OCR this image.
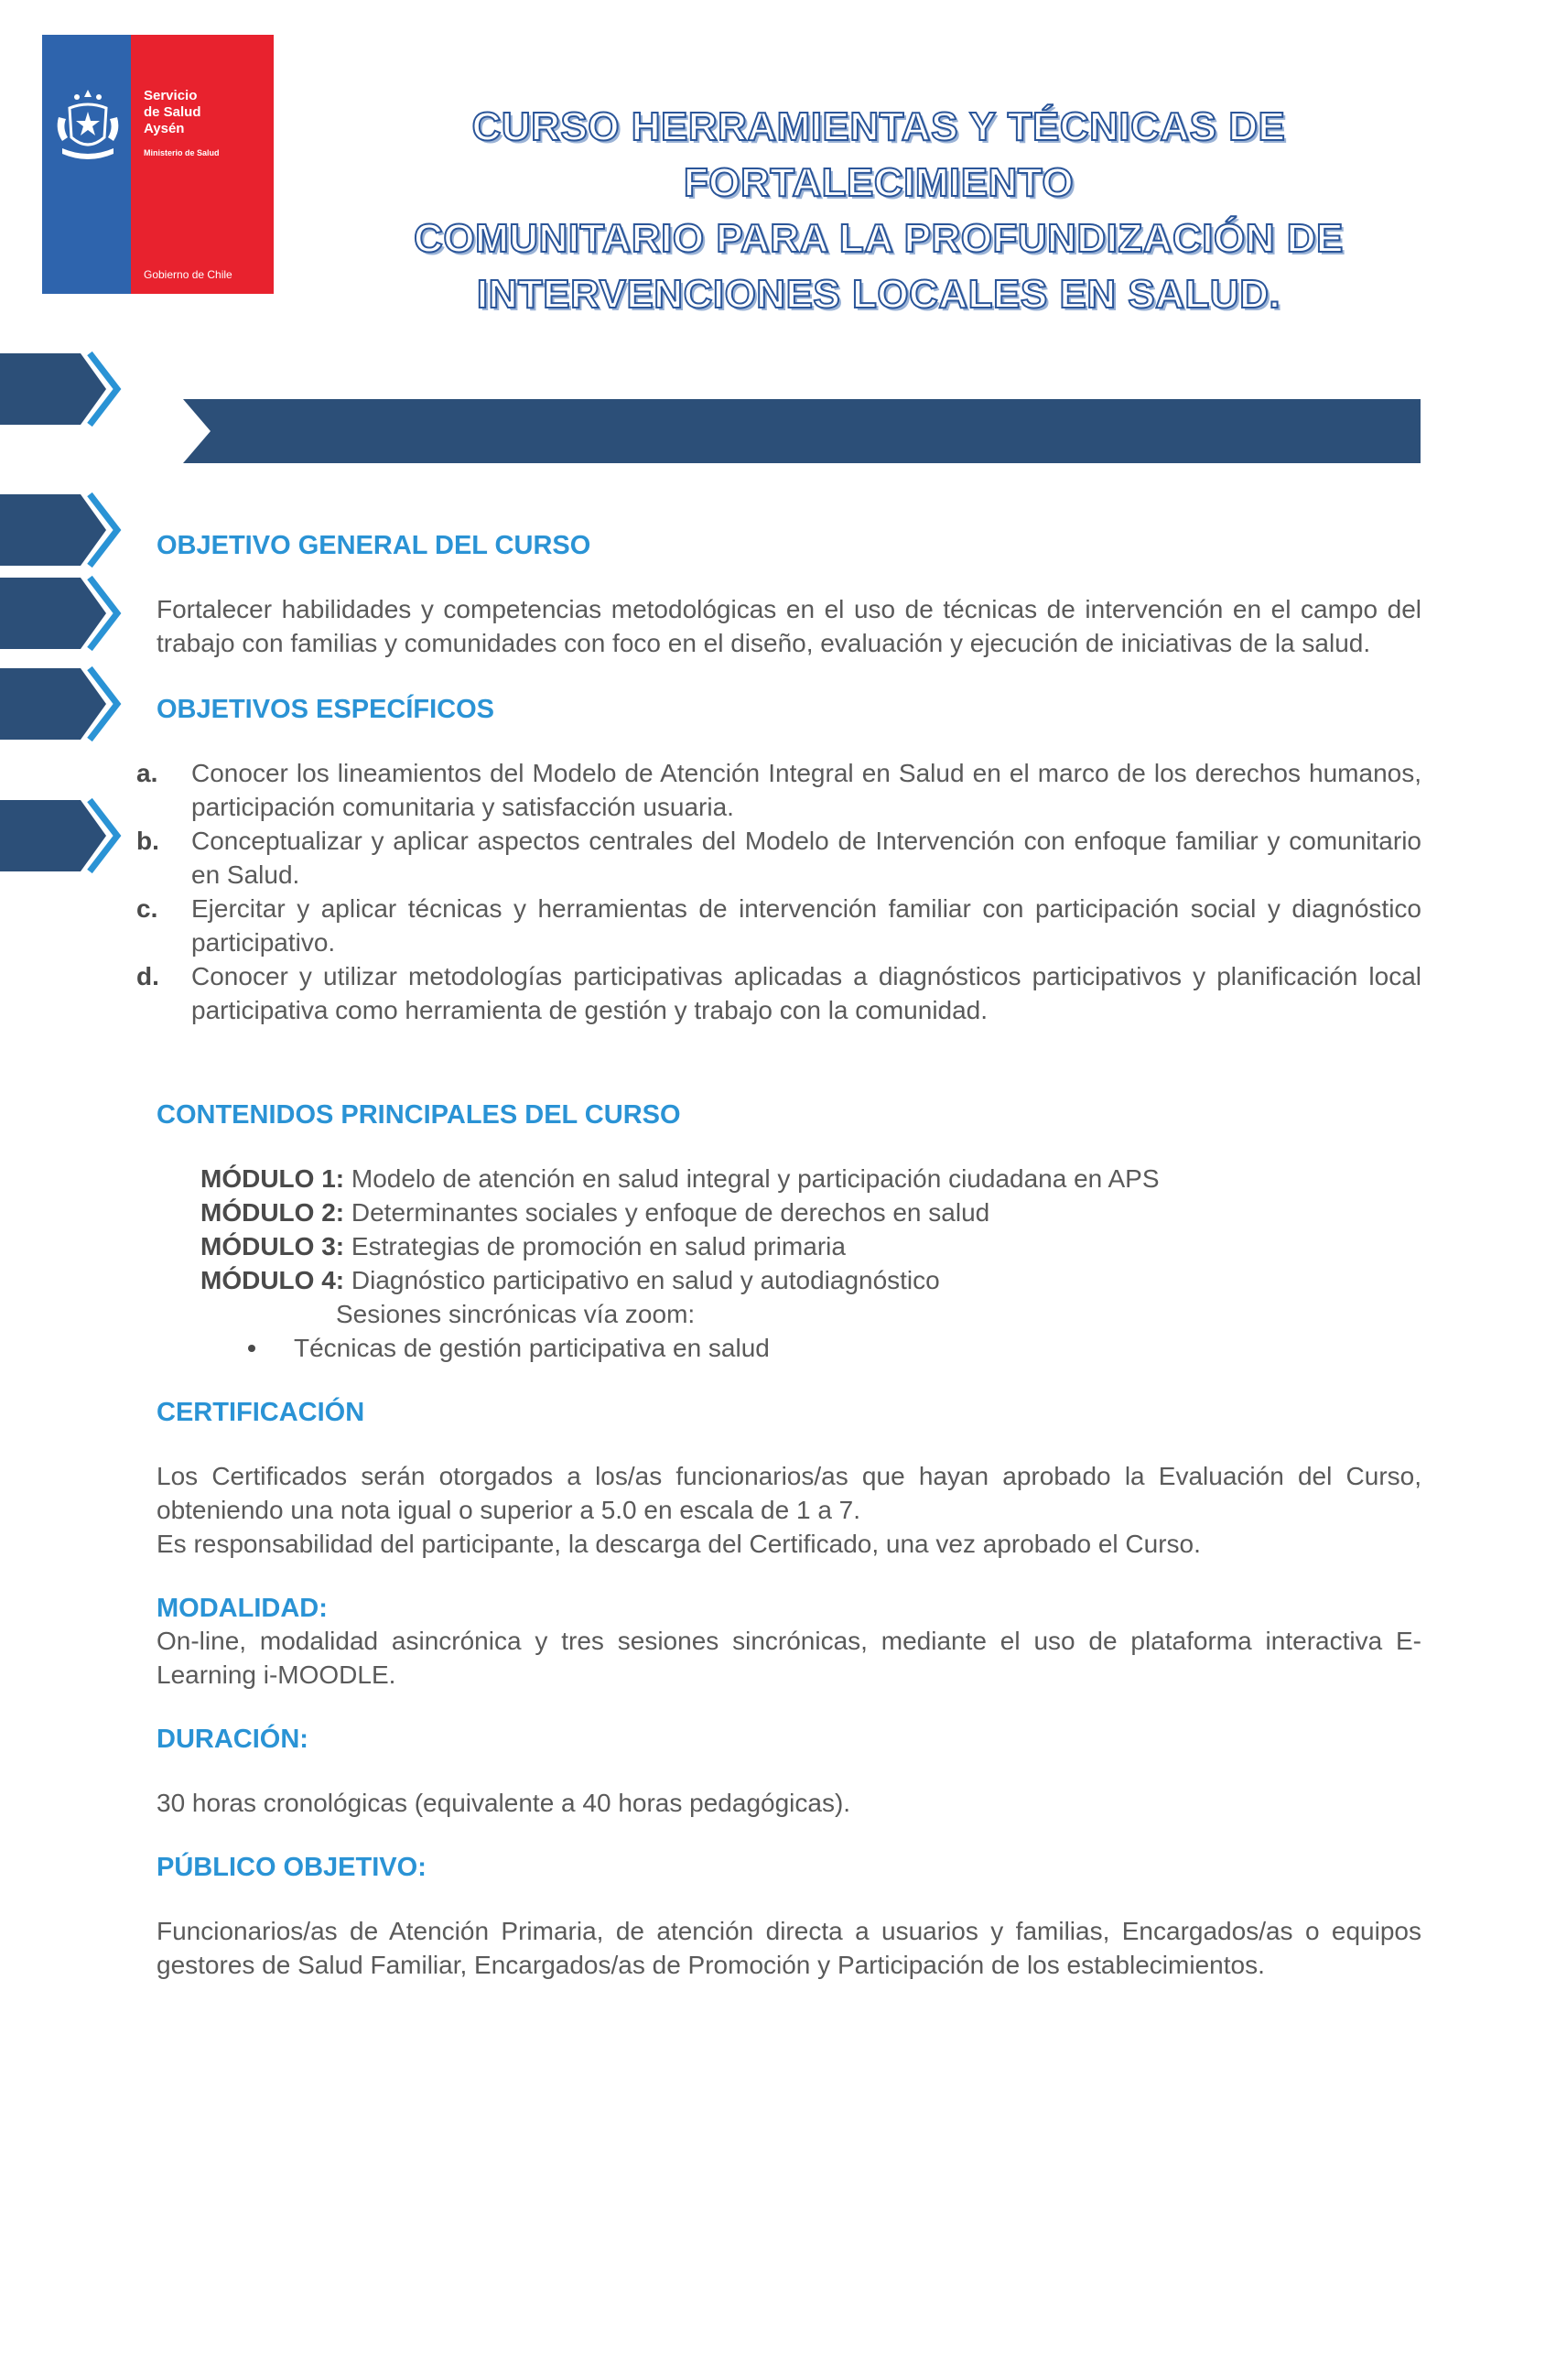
Servicio
de Salud
Aysén
Ministerio de Salud
Gobierno de Chile
CURSO HERRAMIENTAS Y TÉCNICAS DE FORTALECIMIENTO
COMUNITARIO PARA LA PROFUNDIZACIÓN DE
INTERVENCIONES LOCALES EN SALUD.

OBJETIVO GENERAL DEL CURSO

Fortalecer habilidades y competencias metodológicas en el uso de técnicas de intervención en el campo del trabajo con familias y comunidades con foco en el diseño, evaluación y ejecución de iniciativas de la salud.

OBJETIVOS ESPECÍFICOS

a. Conocer los lineamientos del Modelo de Atención Integral en Salud en el marco de los derechos humanos, participación comunitaria y satisfacción usuaria.
b. Conceptualizar y aplicar aspectos centrales del Modelo de Intervención con enfoque familiar y comunitario en Salud.
c. Ejercitar y aplicar técnicas y herramientas de intervención familiar con participación social y diagnóstico participativo.
d. Conocer y utilizar metodologías participativas aplicadas a diagnósticos participativos y planificación local participativa como herramienta de gestión y trabajo con la comunidad.

CONTENIDOS PRINCIPALES DEL CURSO

MÓDULO 1: Modelo de atención en salud integral y participación ciudadana en APS
MÓDULO 2: Determinantes sociales y enfoque de derechos en salud
MÓDULO 3: Estrategias de promoción en salud primaria
MÓDULO 4: Diagnóstico participativo en salud y autodiagnóstico
Sesiones sincrónicas vía zoom:
Técnicas de gestión participativa en salud

CERTIFICACIÓN

Los Certificados serán otorgados a los/as funcionarios/as que hayan aprobado la Evaluación del Curso, obteniendo una nota igual o superior a 5.0 en escala de 1 a 7.

Es responsabilidad del participante, la descarga del Certificado, una vez aprobado el Curso.

MODALIDAD:

On-line, modalidad asincrónica y tres sesiones sincrónicas, mediante el uso de plataforma interactiva E-Learning i-MOODLE.

DURACIÓN:

30 horas cronológicas (equivalente a 40 horas pedagógicas).

PÚBLICO OBJETIVO:

Funcionarios/as de Atención Primaria, de atención directa a usuarios y familias, Encargados/as o equipos gestores de Salud Familiar, Encargados/as de Promoción y Participación de los establecimientos.
